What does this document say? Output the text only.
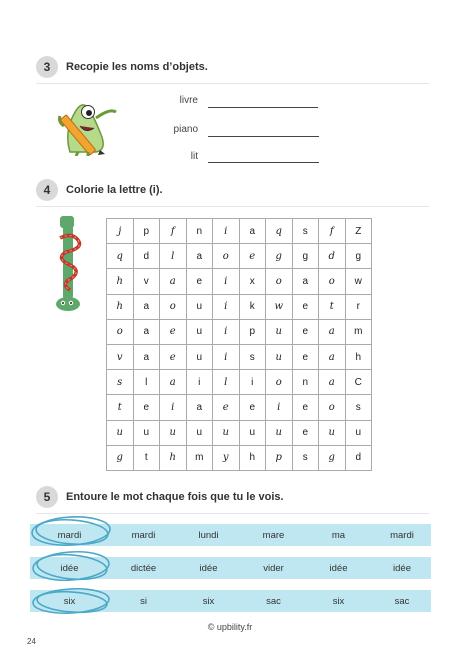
3	Recopie les noms d’objets.
livre
piano
lit
4	Colorie la lettre (i).
j	p	f	n	i	a	q	s	f	Z
q	d	l	a	o	e	g	g	d	g
h	v	a	e	i	x	o	a	o	w
h	a	o	u	i	k	w	e	t	r
o	a	e	u	i	p	u	e	a	m
v	a	e	u	i	s	u	e	a	h
s	l	a	i	l	i	o	n	a	C
t	e	i	a	e	e	i	e	o	s
u	u	u	u	u	u	u	e	u	u
g	t	h	m	y	h	p	s	g	d
5	Entoure le mot chaque fois que tu le vois.
mardi	mardi	lundi	mare	ma	mardi
idée	dictée	idée	vider	idée	idée
six	si	six	sac	six	sac
© upbility.fr
24
